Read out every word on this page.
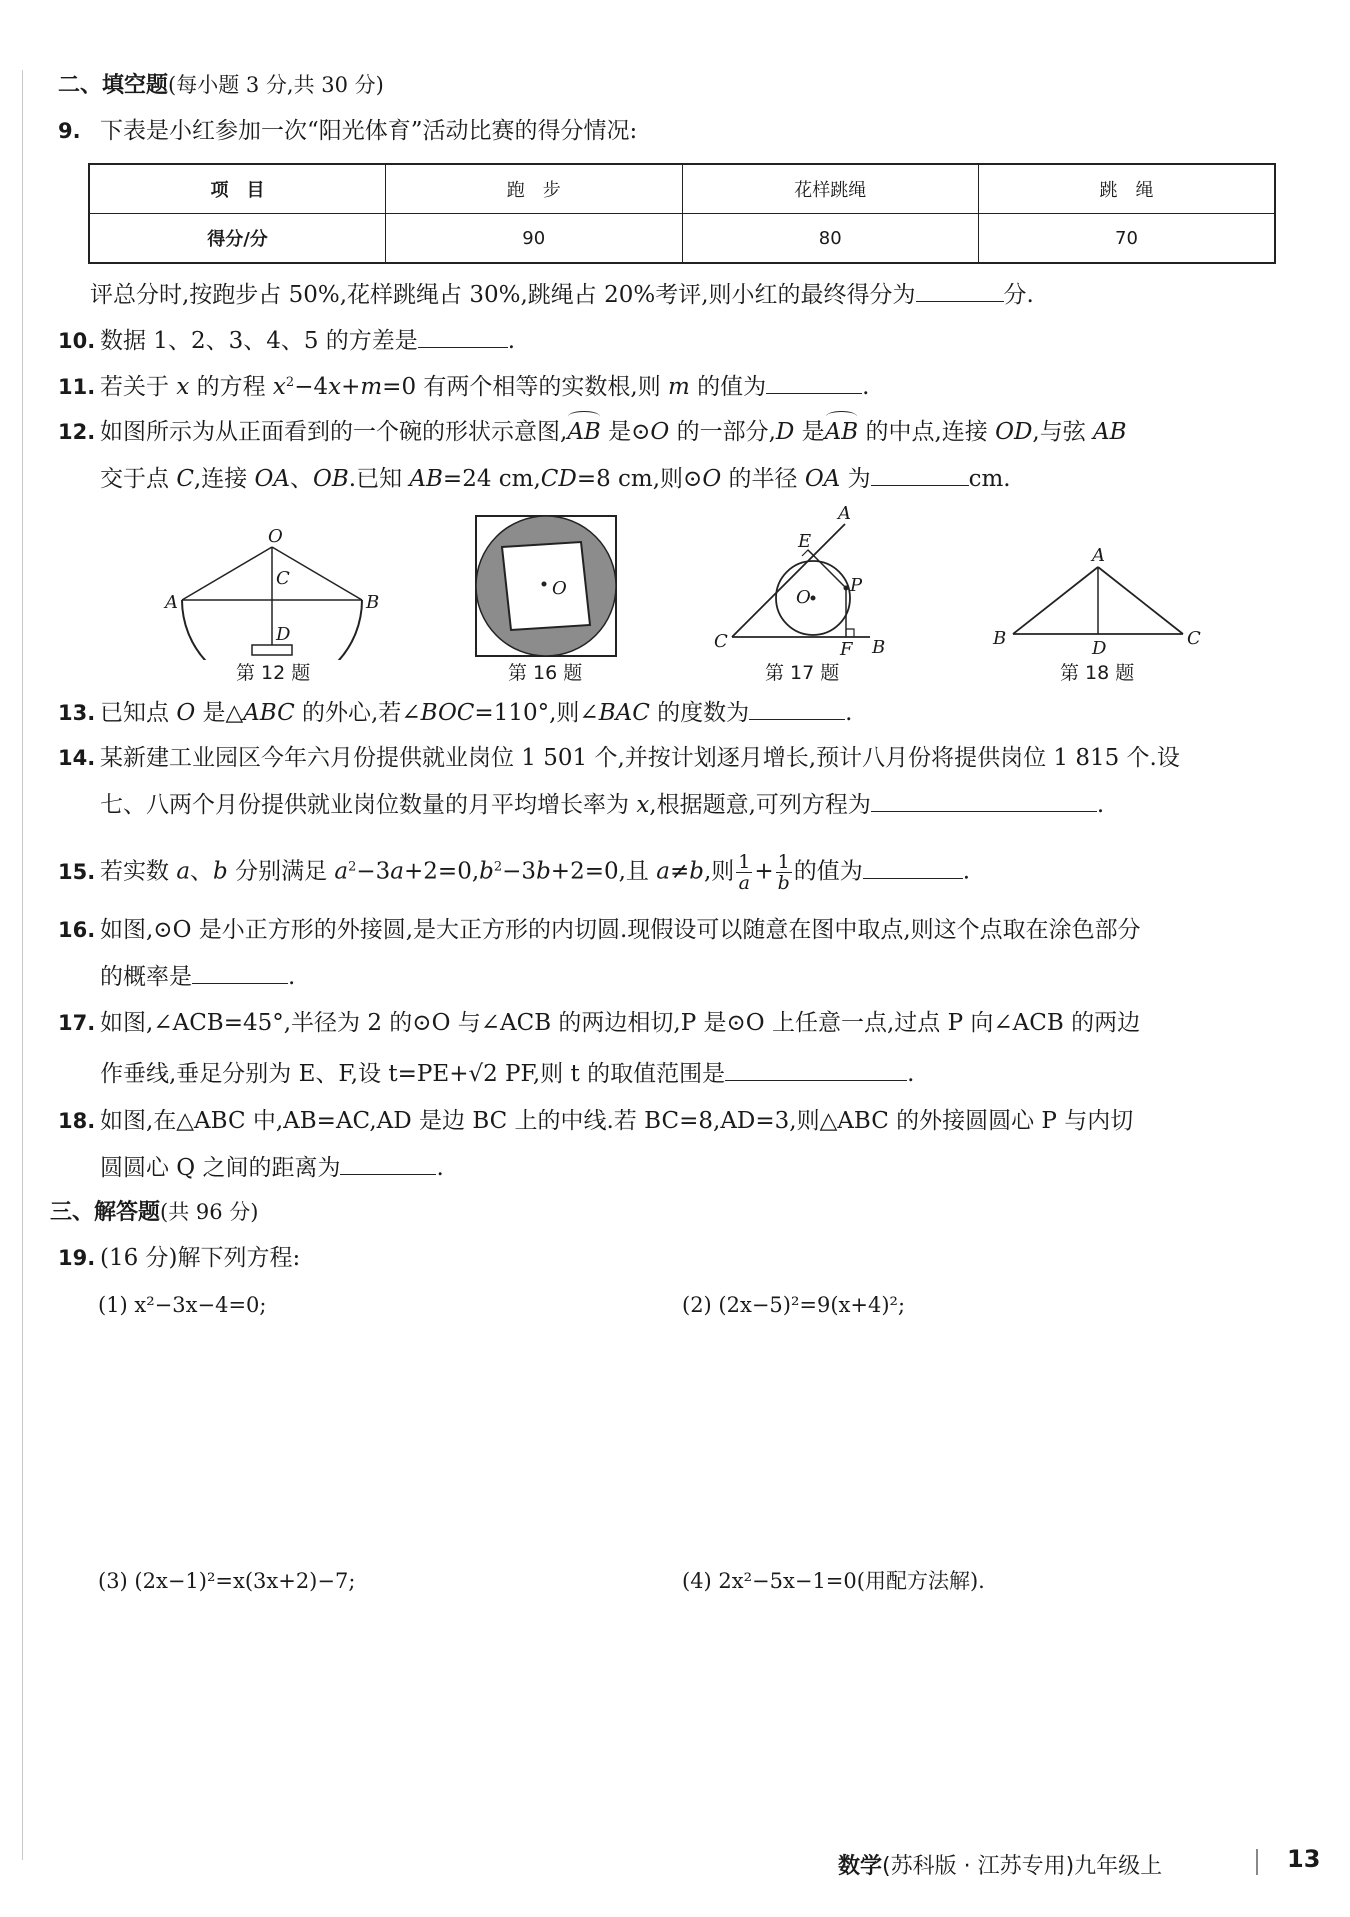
二、填空题(每小题 3 分,共 30 分)
9. 下表是小红参加一次“阳光体育”活动比赛的得分情况:
项　目	跑　步	花样跳绳	跳　绳
得分/分	90	80	70
评总分时,按跑步占 50%,花样跳绳占 30%,跳绳占 20%考评,则小红的最终得分为	分.
10. 数据 1、2、3、4、5 的方差是	.
11. 若关于 x 的方程 $x^2-4x+m=0$ 有两个相等的实数根,则 m 的值为	.
12. 如图所示为从正面看到的一个碗的形状示意图,AB 是⊙O 的一部分,D 是AB 的中点,连接 OD,与弦 AB
交于点 C,连接 OA、OB.已知 AB=24 cm,CD=8 cm,则⊙O 的半径 OA 为	cm.
O
A	B
C
D
第 12 题
O
第 16 题
A
E
O
P
C	F B
第 17 题
A
B	C
D
第 18 题
13. 已知点 O 是△ABC 的外心,若∠BOC=110°,则∠BAC 的度数为	.
14. 某新建工业园区今年六月份提供就业岗位 1 501 个,并按计划逐月增长,预计八月份将提供岗位 1 815 个.设
七、八两个月份提供就业岗位数量的月平均增长率为 x,根据题意,可列方程为	.
15. 若实数 a、b 分别满足 $a^2-3a+2=0,b^2-3b+2=0$,且 a≠b,则 $\frac{1}{a} + \frac{1}{b}$ 的值为	.
16. 如图,⊙O 是小正方形的外接圆,是大正方形的内切圆.现假设可以随意在图中取点,则这个点取在涂色部分
的概率是	.
17. 如图,∠ACB=45°,半径为 2 的⊙O 与∠ACB 的两边相切,P 是⊙O 上任意一点,过点 P 向∠ACB 的两边
作垂线,垂足分别为 E、F,设 t=PE+√2 PF,则 t 的取值范围是	.
18. 如图,在△ABC 中,AB=AC,AD 是边 BC 上的中线.若 BC=8,AD=3,则△ABC 的外接圆圆心 P 与内切
圆圆心 Q 之间的距离为	.
三、解答题(共 96 分)
19. (16 分)解下列方程:
(1) x²−3x−4=0;	(2) (2x−5)²=9(x+4)²;
(3) (2x−1)²=x(3x+2)−7;	(4) 2x²−5x−1=0(用配方法解).
数学(苏科版 · 江苏专用)九年级上	13
